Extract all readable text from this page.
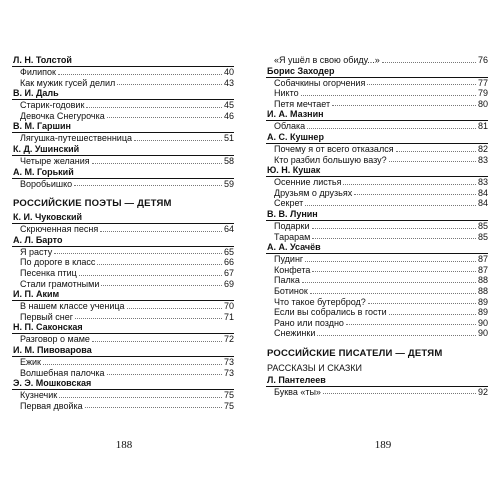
Л. Н. Толстой
Филипок	40
Как мужик гусей делил	43
В. И. Даль
Старик-годовик	45
Девочка Снегурочка	46
В. М. Гаршин
Лягушка-путешественница	51
К. Д. Ушинский
Четыре желания	58
А. М. Горький
Воробьишко	59
РОССИЙСКИЕ ПОЭТЫ — ДЕТЯМ
К. И. Чуковский
Скрюченная песня	64
А. Л. Барто
Я расту	65
По дороге в класс	66
Песенка птиц	67
Стали грамотными	69
И. П. Аким
В нашем классе ученица	70
Первый снег	71
Н. П. Саконская
Разговор о маме	72
И. М. Пивоварова
Ежик	73
Волшебная палочка	73
Э. Э. Мошковская
Кузнечик	75
Первая двойка	75
«Я ушёл в свою обиду...»	76
Борис Заходер
Собачкины огорчения	77
Никто	79
Петя мечтает	80
И. А. Мазнин
Облака	81
А. С. Кушнер
Почему я от всего отказался	82
Кто разбил большую вазу?	83
Ю. Н. Кушак
Осенние листья	83
Друзьям о друзьях	84
Секрет	84
В. В. Лунин
Подарки	85
Тарарам	85
А. А. Усачёв
Пудинг	87
Конфета	87
Палка	88
Ботинок	88
Что такое бутерброд?	89
Если вы собрались в гости	89
Рано или поздно	90
Снежинки	90
РОССИЙСКИЕ ПИСАТЕЛИ — ДЕТЯМ
РАССКАЗЫ И СКАЗКИ
Л. Пантелеев
Буква «ты»	92
188	189
